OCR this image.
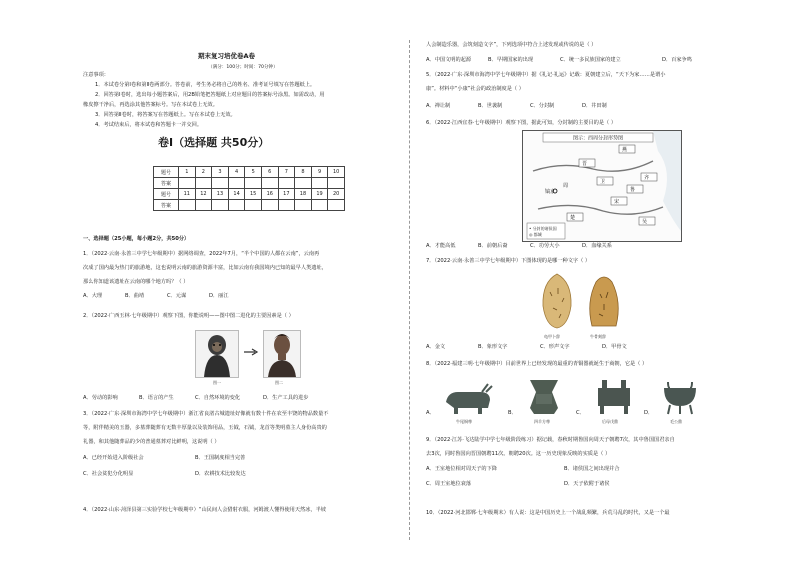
期末复习培优卷A卷
（满分：100分；时间：70分钟）
注意事项：
1．本试卷分第Ⅰ卷和第Ⅱ卷两部分。答卷前，考生务必将自己的姓名、准考证号填写在答题纸上。
2．回答第Ⅰ卷时，选出每小题答案后，用2B铅笔把答题纸上对应题目的答案标号涂黑。如需改动，用
橡皮擦干净后，再选涂其他答案标号。写在本试卷上无效。
3．回答第Ⅱ卷时，将答案写在答题纸上。写在本试卷上无效。
4．考试结束后，将本试卷和答题卡一并交回。
卷Ⅰ（选择题 共50分）
题号	1	2	3	4	5	6	7	8	9	10
答案										
题号	11	12	13	14	15	16	17	18	19	20
答案										
一、选择题（25小题，每小题2分，共50分）
1．（2022·云南·永善三中学七年级期中）据网络调查，2022年7月，“半个中国的人都在云南”，云南再
次成了国内最为热门的旅游地，这也说明云南的旅游资源丰富，比如云南有我国境内已知的最早人类遗址，
那么你知道该遗址在云南的哪个地方吗？（ ）
A．大理	B．曲靖	C．元谋	D．丽江
2．（2022·广西玉林·七年级期中）观察下图，你能说明——图中图二进化的主要因素是（ ）
图一	图二
A．劳动的影响	B．语言的产生	C．自然环境的变化	D．生产工具的进步
3．（2022·广东·深圳市海湾中学七年级期中）浙江省良渚古城遗址好像就有数十件在农至丰饶的物品数量不
等，附伴精美的玉器，多墓葬随葬有无数丰厚量以及装饰用品，玉钺，石钺，龙首等类明墓主人身份高贵的
礼器，和其他随葬品的少的普通墓葬对比鲜明，这说明（ ）
A．已经开始进入阶级社会	B．王国制度相当完善
C．社会贫犯分化明显	D．农耕技术比较发达
4．（2022·山东·菏泽县第三实验学校七年级期中）“山民间人会猎射衣服，河姆渡人懂得使用天然冰，半坡
人会制造乐器，会筑刻造文字”，下列选项中符合上述发现或传说的是（ ）
A．中国文明的起源	B．早期国家的出现	C．统一多民族国家的建立	D．百家争鸣
5．（2022·广东·深圳市海湾中学七年级期中）据《礼记·礼运》记载：夏朝建立后，“天下为家……是谓小
康”。材料中“小康”社会的政治制度是（ ）
A．禅让制	B．世袭制	C．分封制	D．井田制
6．（2022·江西宜春·七年级期中）观察下图，据此可知，分封制的主要目的是（ ）
图示：西周分封形势图
燕
齐
鲁
宋
卫
晋
镐京
周
楚
吴
• 分封的诸侯国
◎ 都城
A．才能高低	B．前朝后裔	C．功劳大小	D．血缘关系
7．（2022·云南·永善三中学七年级期中）下图体现的是哪一种文字（ ）
龟甲卜辞	牛骨刻辞
A．金文	B．象形文字	C．形声文字	D．甲骨文
8．（2022·福建三明·七年级期中）目前世界上已经发现的最重的青铜器就诞生于商朝，它是（ ）
A．
牛尾铜尊
B．
四羊方尊
C．
后母戊鼎
D．
毛公鼎
9．（2022·江苏·飞达陆学中学七年级阶段练习）据记载，春秋时期鲁国向周天子朝聘7次，其中鲁国国君亲自
去3次，同时鲁国向晋国朝聘11次。朝聘20次。这一历史现象反映的实质是（ ）
A．王室地位相对周天子的下降	B．诸侯国之间出现并合
C．周王室地位衰落	D．天子依附于诸侯
10．（2022·河北邯郸·七年级期末）有人说：这是中国历史上一个战乱频繁，兵荒马乱的时代，又是一个最
